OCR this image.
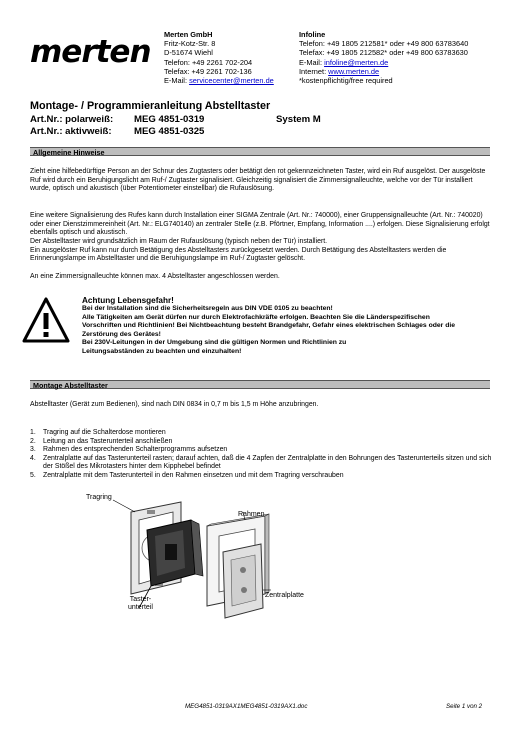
merten Merten GmbH
Fritz-Kotz-Str. 8
D-51674 Wiehl
Telefon: +49 2261 702-204
Telefax: +49 2261 702-136
E-Mail: servicecenter@merten.de
Infoline
Telefon: +49 1805 212581* oder +49 800 63783640
Telefax: +49 1805 212582* oder +49 800 63783630
E-Mail: infoline@merten.de
Internet: www.merten.de
*kostenpflichtig/free required
Montage- / Programmieranleitung Abstelltaster
Art.Nr.: polarweiß: MEG 4851-0319	System M
Art.Nr.: aktivweiß: MEG 4851-0325
Allgemeine Hinweise
Zieht eine hilfebedürftige Person an der Schnur des Zugtasters oder betätigt den rot gekennzeichneten Taster, wird ein Ruf ausgelöst. Der ausgelöste Ruf wird durch ein Beruhigungslicht am Ruf-/ Zugtaster signalisiert. Gleichzeitig signalisiert die Zimmersignalleuchte, welche vor der Tür installiert wurde, optisch und akustisch (über Potentiometer einstellbar) die Rufauslösung.
Eine weitere Signalisierung des Rufes kann durch Installation einer SIGMA Zentrale (Art. Nr.: 740000), einer Gruppensignalleuchte (Art. Nr.: 740020) oder einer Dienstzimmereinheit (Art. Nr.: ELG740140) an zentraler Stelle (z.B. Pförtner, Empfang, Information ....) erfolgen. Diese Signalisierung erfolgt ebenfalls optisch und akustisch.
Der Abstelltaster wird grundsätzlich im Raum der Rufauslösung (typisch neben der Tür) installiert.
Ein ausgelöster Ruf kann nur durch Betätigung des Abstelltasters zurückgesetzt werden. Durch Betätigung des Abstelltasters werden die Erinnerungslampe im Abstelltaster und die Beruhigungslampe im Ruf-/ Zugtaster gelöscht.
An eine Zimmersignalleuchte können max. 4 Abstelltaster angeschlossen werden.
Achtung Lebensgefahr!
Bei der Installation sind die Sicherheitsregeln aus DIN VDE 0105 zu beachten!
Alle Tätigkeiten am Gerät dürfen nur durch Elektrofachkräfte erfolgen. Beachten Sie die Länderspezifischen
Vorschriften und Richtlinien! Bei Nichtbeachtung besteht Brandgefahr, Gefahr eines elektrischen Schlages oder die
Zerstörung des Gerätes!
Bei 230V-Leitungen in der Umgebung sind die gültigen Normen und Richtlinien zu
Leitungsabständen zu beachten und einzuhalten!
Montage Abstelltaster
Abstelltaster (Gerät zum Bedienen), sind nach DIN 0834 in 0,7 m bis 1,5 m Höhe anzubringen.
1.	Tragring auf die Schalterdose montieren
2.	Leitung an das Tasterunterteil anschließen
3.	Rahmen des entsprechenden Schalterprogramms aufsetzen
4.	Zentralplatte auf das Tasterunterteil rasten; darauf achten, daß die 4 Zapfen der Zentralplatte in den Bohrungen des Tasterunterteils sitzen und sich der Stößel des Mikrotasters hinter dem Kipphebel befindet
5.	Zentralplatte mit dem Tasterunterteil in den Rahmen einsetzen und mit dem Tragring verschrauben
Tragring
Rahmen
Zentralplatte
Taster-
unterteil
MEG4851-0319AX1MEG4851-0319AX1.doc	Seite 1 von 2
